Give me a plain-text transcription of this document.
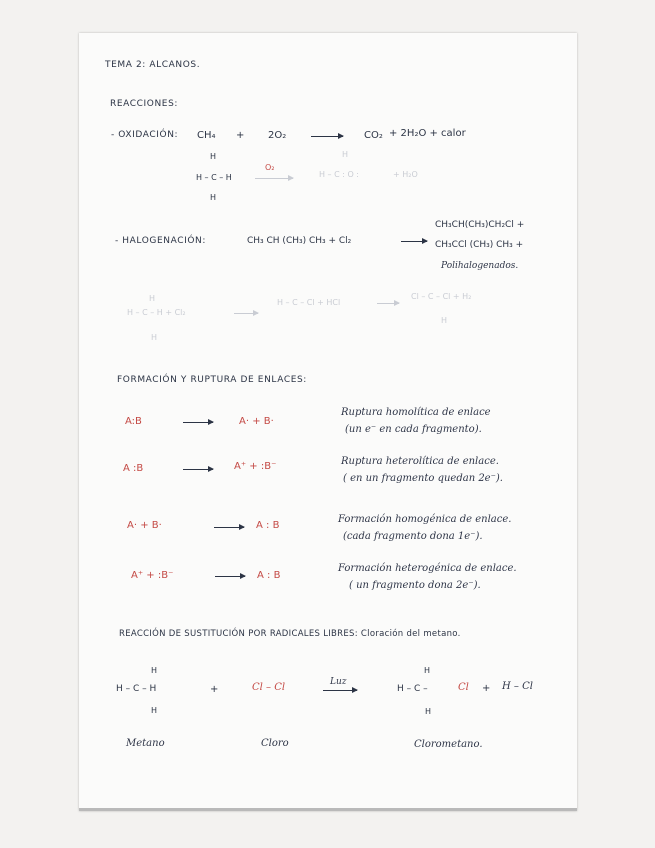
TEMA 2: ALCANOS.
REACCIONES:
- OXIDACIÓN: CH₄ + 2O₂	CO₂ + 2H₂O + calor
H
H – C – H
H
O₂
H
H – C : O :	+ H₂O
- HALOGENACIÓN:	CH₃ CH (CH₃) CH₃ + Cl₂
CH₃CH(CH₃)CH₂Cl +
CH₃CCl (CH₃) CH₃ +
Polihalogenados.
H
H – C – H + Cl₂
H – C – Cl + HCl
Cl – C – Cl + H₂
H
H
FORMACIÓN Y RUPTURA DE ENLACES:
A:B	A· + B·
Ruptura homolítica de enlace
(un e⁻ en cada fragmento).
A :B	A⁺ + :B⁻	Ruptura heterolítica de enlace.
( en un fragmento quedan 2e⁻).
A· + B·	A : B
Formación homogénica de enlace.
(cada fragmento dona 1e⁻).
A⁺ + :B⁻	A : B
Formación heterogénica de enlace.
( un fragmento dona 2e⁻).
REACCIÓN DE SUSTITUCIÓN POR RADICALES LIBRES: Cloración del metano.
H
H – C – H
H
+	Cl – Cl	Luz
H
H – C –	Cl + H – Cl
H
Metano	Cloro	Clorometano.
